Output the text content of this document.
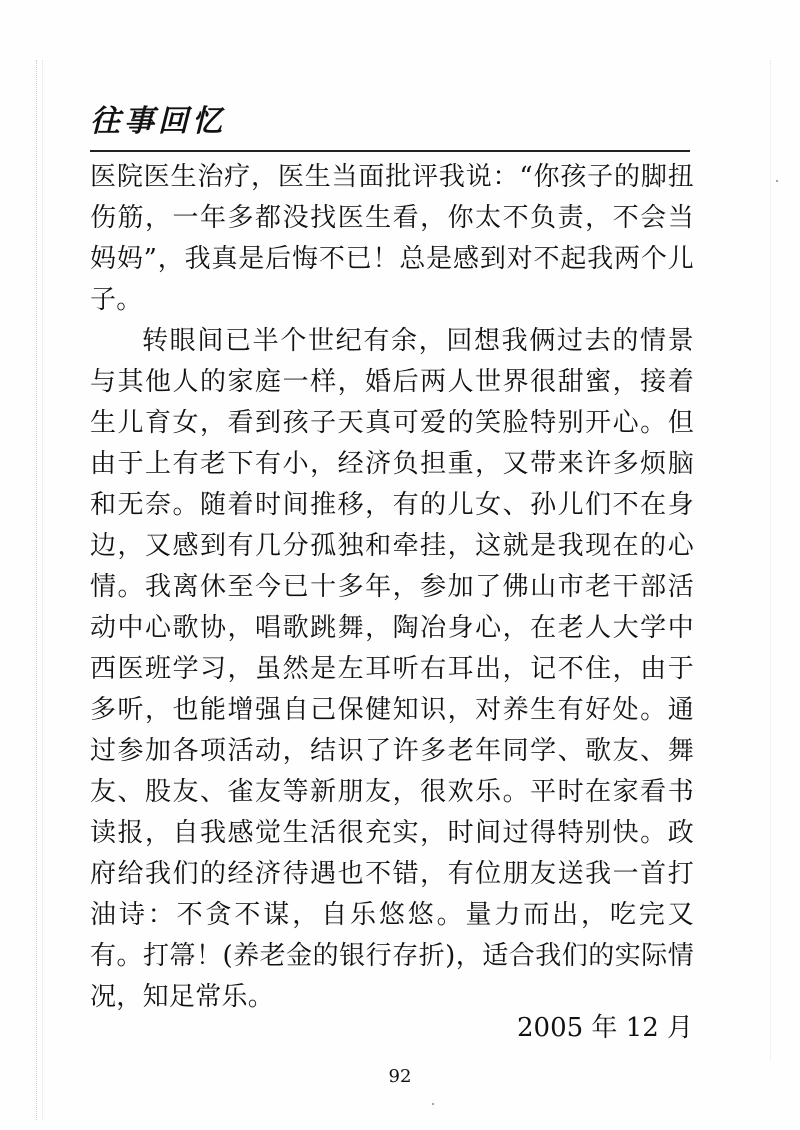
往事回忆

医院医生治疗，医生当面批评我说：“你孩子的脚扭伤筋，一年多都没找医生看，你太不负责，不会当妈妈”，我真是后悔不已！总是感到对不起我两个儿子。

转眼间已半个世纪有余，回想我俩过去的情景与其他人的家庭一样，婚后两人世界很甜蜜，接着生儿育女，看到孩子天真可爱的笑脸特别开心。但由于上有老下有小，经济负担重，又带来许多烦脑和无奈。随着时间推移，有的儿女、孙儿们不在身边，又感到有几分孤独和牵挂，这就是我现在的心情。我离休至今已十多年，参加了佛山市老干部活动中心歌协，唱歌跳舞，陶冶身心，在老人大学中西医班学习，虽然是左耳听右耳出，记不住，由于多听，也能增强自己保健知识，对养生有好处。通过参加各项活动，结识了许多老年同学、歌友、舞友、股友、雀友等新朋友，很欢乐。平时在家看书读报，自我感觉生活很充实，时间过得特别快。政府给我们的经济待遇也不错，有位朋友送我一首打油诗：不贪不谋，自乐悠悠。量力而出，吃完又有。打箒！(养老金的银行存折)，适合我们的实际情况，知足常乐。

2005 年 12 月
92
